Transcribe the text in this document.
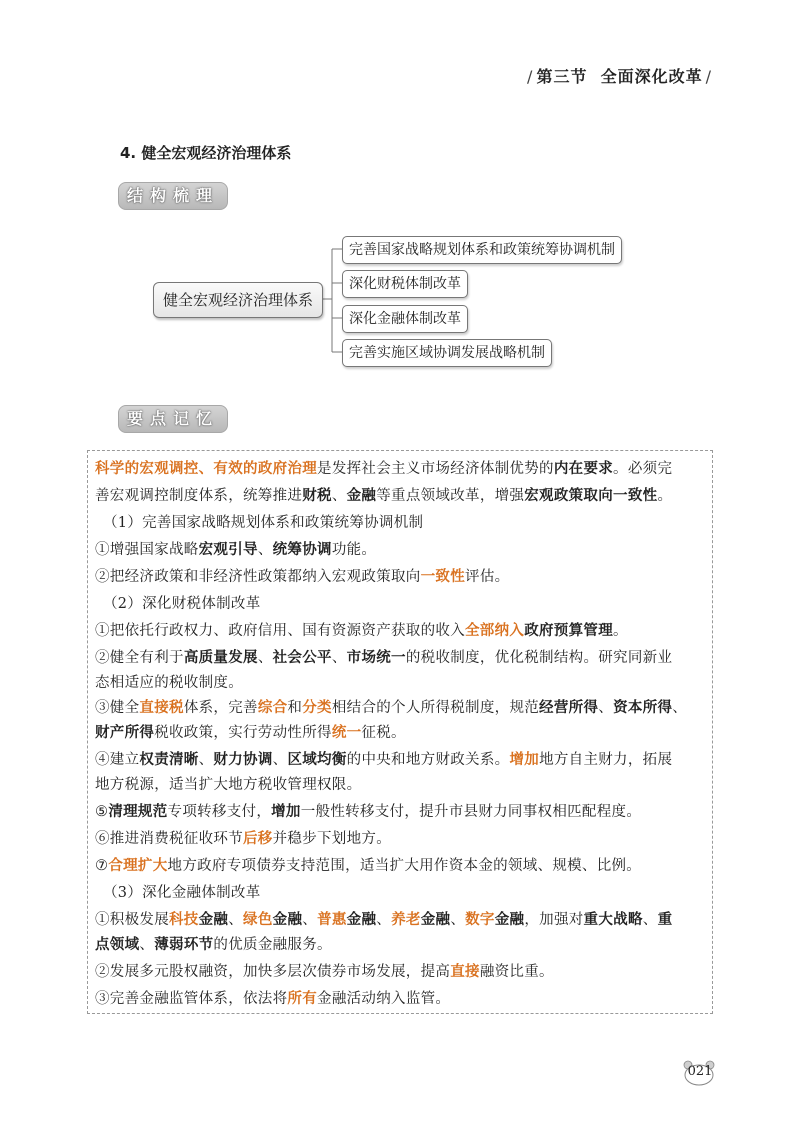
/ 第三节 全面深化改革 /
4. 健全宏观经济治理体系
结构梳理
健全宏观经济治理体系
完善国家战略规划体系和政策统筹协调机制
深化财税体制改革
深化金融体制改革
完善实施区域协调发展战略机制
要点记忆
科学的宏观调控、有效的政府治理是发挥社会主义市场经济体制优势的内在要求。必须完
善宏观调控制度体系，统筹推进财税、金融等重点领域改革，增强宏观政策取向一致性。
（1）完善国家战略规划体系和政策统筹协调机制
①增强国家战略宏观引导、统筹协调功能。
②把经济政策和非经济性政策都纳入宏观政策取向一致性评估。
（2）深化财税体制改革
①把依托行政权力、政府信用、国有资源资产获取的收入全部纳入政府预算管理。
②健全有利于高质量发展、社会公平、市场统一的税收制度，优化税制结构。研究同新业
态相适应的税收制度。
③健全直接税体系，完善综合和分类相结合的个人所得税制度，规范经营所得、资本所得、
财产所得税收政策，实行劳动性所得统一征税。
④建立权责清晰、财力协调、区域均衡的中央和地方财政关系。增加地方自主财力，拓展
地方税源，适当扩大地方税收管理权限。
⑤清理规范专项转移支付，增加一般性转移支付，提升市县财力同事权相匹配程度。
⑥推进消费税征收环节后移并稳步下划地方。
⑦合理扩大地方政府专项债券支持范围，适当扩大用作资本金的领域、规模、比例。
（3）深化金融体制改革
①积极发展科技金融、绿色金融、普惠金融、养老金融、数字金融，加强对重大战略、重
点领域、薄弱环节的优质金融服务。
②发展多元股权融资，加快多层次债券市场发展，提高直接融资比重。
③完善金融监管体系，依法将所有金融活动纳入监管。
021
